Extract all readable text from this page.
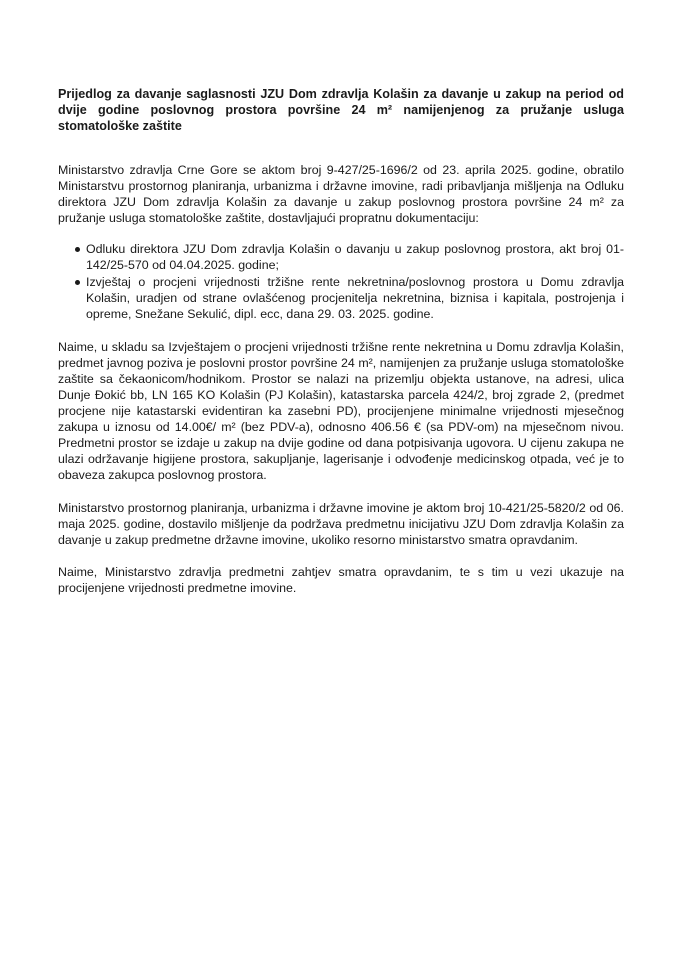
Prijedlog za davanje saglasnosti JZU Dom zdravlja Kolašin za davanje u zakup na period od dvije godine poslovnog prostora površine 24 m² namijenjenog za pružanje usluga stomatološke zaštite

Ministarstvo zdravlja Crne Gore se aktom broj 9-427/25-1696/2 od 23. aprila 2025. godine, obratilo Ministarstvu prostornog planiranja, urbanizma i državne imovine, radi pribavljanja mišljenja na Odluku direktora JZU Dom zdravlja Kolašin za davanje u zakup poslovnog prostora površine 24 m² za pružanje usluga stomatološke zaštite, dostavljajući propratnu dokumentaciju:

Odluku direktora JZU Dom zdravlja Kolašin o davanju u zakup poslovnog prostora, akt broj 01-142/25-570 od 04.04.2025. godine;
Izvještaj o procjeni vrijednosti tržišne rente nekretnina/poslovnog prostora u Domu zdravlja Kolašin, uradjen od strane ovlašćenog procjenitelja nekretnina, biznisa i kapitala, postrojenja i opreme, Snežane Sekulić, dipl. ecc, dana 29. 03. 2025. godine.

Naime, u skladu sa Izvještajem o procjeni vrijednosti tržišne rente nekretnina u Domu zdravlja Kolašin, predmet javnog poziva je poslovni prostor površine 24 m², namijenjen za pružanje usluga stomatološke zaštite sa čekaonicom/hodnikom. Prostor se nalazi na prizemlju objekta ustanove, na adresi, ulica Dunje Đokić bb, LN 165 KO Kolašin (PJ Kolašin), katastarska parcela 424/2, broj zgrade 2, (predmet procjene nije katastarski evidentiran ka zasebni PD), procijenjene minimalne vrijednosti mjesečnog zakupa u iznosu od 14.00€/ m² (bez PDV-a), odnosno 406.56 € (sa PDV-om) na mjesečnom nivou. Predmetni prostor se izdaje u zakup na dvije godine od dana potpisivanja ugovora. U cijenu zakupa ne ulazi održavanje higijene prostora, sakupljanje, lagerisanje i odvođenje medicinskog otpada, već je to obaveza zakupca poslovnog prostora.

Ministarstvo prostornog planiranja, urbanizma i državne imovine je aktom broj 10-421/25-5820/2 od 06. maja 2025. godine, dostavilo mišljenje da podržava predmetnu inicijativu JZU Dom zdravlja Kolašin za davanje u zakup predmetne državne imovine, ukoliko resorno ministarstvo smatra opravdanim.

Naime, Ministarstvo zdravlja predmetni zahtjev smatra opravdanim, te s tim u vezi ukazuje na procijenjene vrijednosti predmetne imovine.
